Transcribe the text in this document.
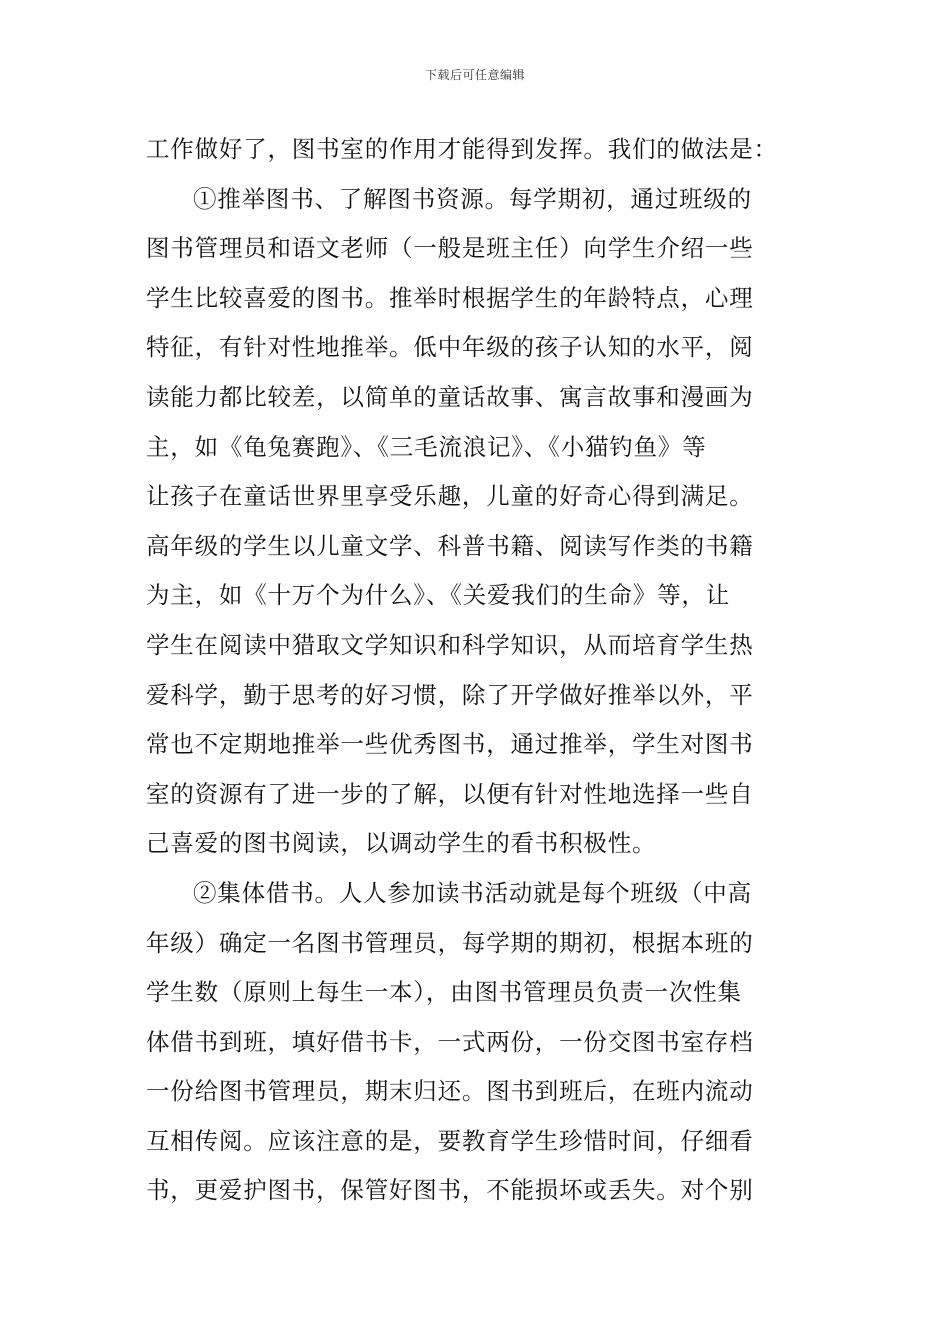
下载后可任意编辑
工作做好了，图书室的作用才能得到发挥。我们的做法是：
①推举图书、了解图书资源。每学期初，通过班级的
图书管理员和语文老师（一般是班主任）向学生介绍一些
学生比较喜爱的图书。推举时根据学生的年龄特点，心理
特征，有针对性地推举。低中年级的孩子认知的水平，阅
读能力都比较差，以简单的童话故事、寓言故事和漫画为
主，如《龟兔赛跑》、《三毛流浪记》、《小猫钓鱼》等
让孩子在童话世界里享受乐趣，儿童的好奇心得到满足。
高年级的学生以儿童文学、科普书籍、阅读写作类的书籍
为主，如《十万个为什么》、《关爱我们的生命》等，让
学生在阅读中猎取文学知识和科学知识，从而培育学生热
爱科学，勤于思考的好习惯，除了开学做好推举以外，平
常也不定期地推举一些优秀图书，通过推举，学生对图书
室的资源有了进一步的了解，以便有针对性地选择一些自
己喜爱的图书阅读，以调动学生的看书积极性。
②集体借书。人人参加读书活动就是每个班级（中高
年级）确定一名图书管理员，每学期的期初，根据本班的
学生数（原则上每生一本），由图书管理员负责一次性集
体借书到班，填好借书卡，一式两份，一份交图书室存档
一份给图书管理员，期末归还。图书到班后，在班内流动
互相传阅。应该注意的是，要教育学生珍惜时间，仔细看
书，更爱护图书，保管好图书，不能损坏或丢失。对个别
